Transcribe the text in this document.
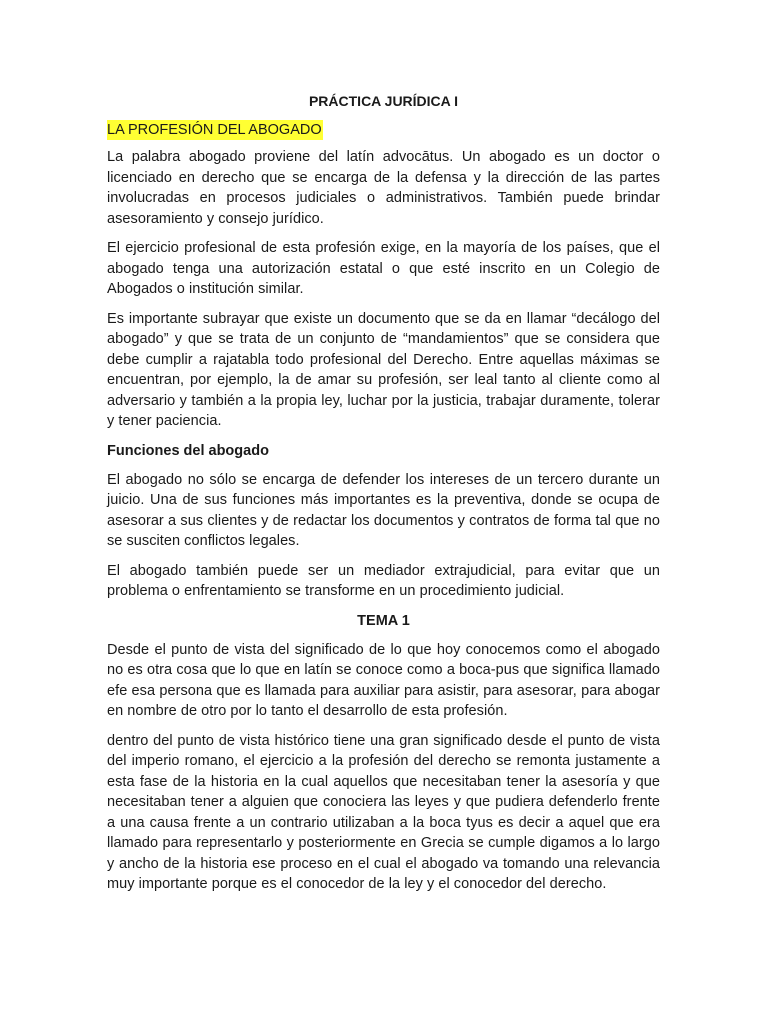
PRÁCTICA JURÍDICA I
LA PROFESIÓN DEL ABOGADO

La palabra abogado proviene del latín advocātus. Un abogado es un doctor o licenciado en derecho que se encarga de la defensa y la dirección de las partes involucradas en procesos judiciales o administrativos. También puede brindar asesoramiento y consejo jurídico.

El ejercicio profesional de esta profesión exige, en la mayoría de los países, que el abogado tenga una autorización estatal o que esté inscrito en un Colegio de Abogados o institución similar.

Es importante subrayar que existe un documento que se da en llamar “decálogo del abogado” y que se trata de un conjunto de “mandamientos” que se considera que debe cumplir a rajatabla todo profesional del Derecho. Entre aquellas máximas se encuentran, por ejemplo, la de amar su profesión, ser leal tanto al cliente como al adversario y también a la propia ley, luchar por la justicia, trabajar duramente, tolerar y tener paciencia.

Funciones del abogado

El abogado no sólo se encarga de defender los intereses de un tercero durante un juicio. Una de sus funciones más importantes es la preventiva, donde se ocupa de asesorar a sus clientes y de redactar los documentos y contratos de forma tal que no se susciten conflictos legales.

El abogado también puede ser un mediador extrajudicial, para evitar que un problema o enfrentamiento se transforme en un procedimiento judicial.

TEMA 1

Desde el punto de vista del significado de lo que hoy conocemos como el abogado no es otra cosa que lo que en latín se conoce como a boca-pus que significa llamado efe esa persona que es llamada para auxiliar para asistir, para asesorar, para abogar en nombre de otro por lo tanto el desarrollo de esta profesión.

dentro del punto de vista histórico tiene una gran significado desde el punto de vista del imperio romano, el ejercicio a la profesión del derecho se remonta justamente a esta fase de la historia en la cual aquellos que necesitaban tener la asesoría y que necesitaban tener a alguien que conociera las leyes y que pudiera defenderlo frente a una causa frente a un contrario utilizaban a la boca tyus es decir a aquel que era llamado para representarlo y posteriormente en Grecia se cumple digamos a lo largo y ancho de la historia ese proceso en el cual el abogado va tomando una relevancia muy importante porque es el conocedor de la ley y el conocedor del derecho.
